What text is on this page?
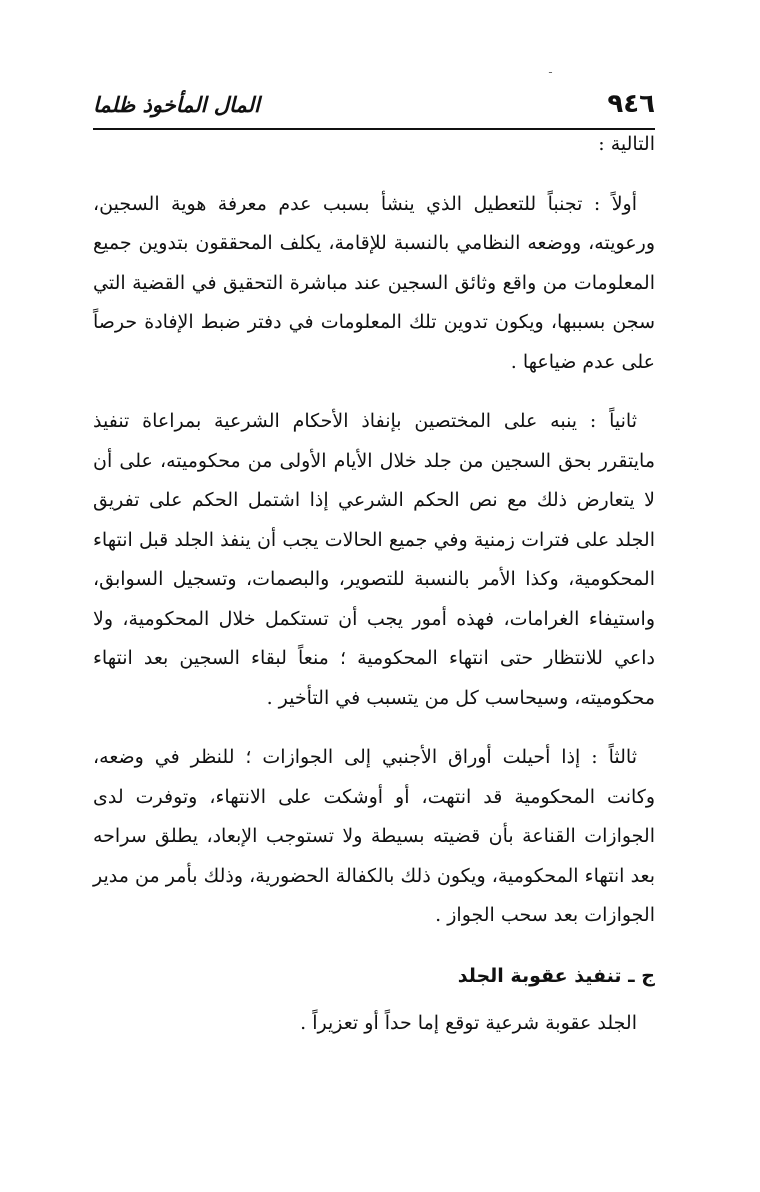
ـ
٩٤٦
المال المأخوذ ظلما

التالية :

أولاً : تجنباً للتعطيل الذي ينشأ بسبب عدم معرفة هوية السجين، ورعويته، ووضعه النظامي بالنسبة للإقامة، يكلف المحققون بتدوين جميع المعلومات من واقع وثائق السجين عند مباشرة التحقيق في القضية التي سجن بسببها، ويكون تدوين تلك المعلومات في دفتر ضبط الإفادة حرصاً على عدم ضياعها .

ثانياً : ينبه على المختصين بإنفاذ الأحكام الشرعية بمراعاة تنفيذ مايتقرر بحق السجين من جلد خلال الأيام الأولى من محكوميته، على أن لا يتعارض ذلك مع نص الحكم الشرعي إذا اشتمل الحكم على تفريق الجلد على فترات زمنية وفي جميع الحالات يجب أن ينفذ الجلد قبل انتهاء المحكومية، وكذا الأمر بالنسبة للتصوير، والبصمات، وتسجيل السوابق، واستيفاء الغرامات، فهذه أمور يجب أن تستكمل خلال المحكومية، ولا داعي للانتظار حتى انتهاء المحكومية ؛ منعاً لبقاء السجين بعد انتهاء محكوميته، وسيحاسب كل من يتسبب في التأخير .

ثالثاً : إذا أحيلت أوراق الأجنبي إلى الجوازات ؛ للنظر في وضعه، وكانت المحكومية قد انتهت، أو أوشكت على الانتهاء، وتوفرت لدى الجوازات القناعة بأن قضيته بسيطة ولا تستوجب الإبعاد، يطلق سراحه بعد انتهاء المحكومية، ويكون ذلك بالكفالة الحضورية، وذلك بأمر من مدير الجوازات بعد سحب الجواز .

ج ـ تنفيذ عقوبة الجلد

الجلد عقوبة شرعية توقع إما حداً أو تعزيراً .
